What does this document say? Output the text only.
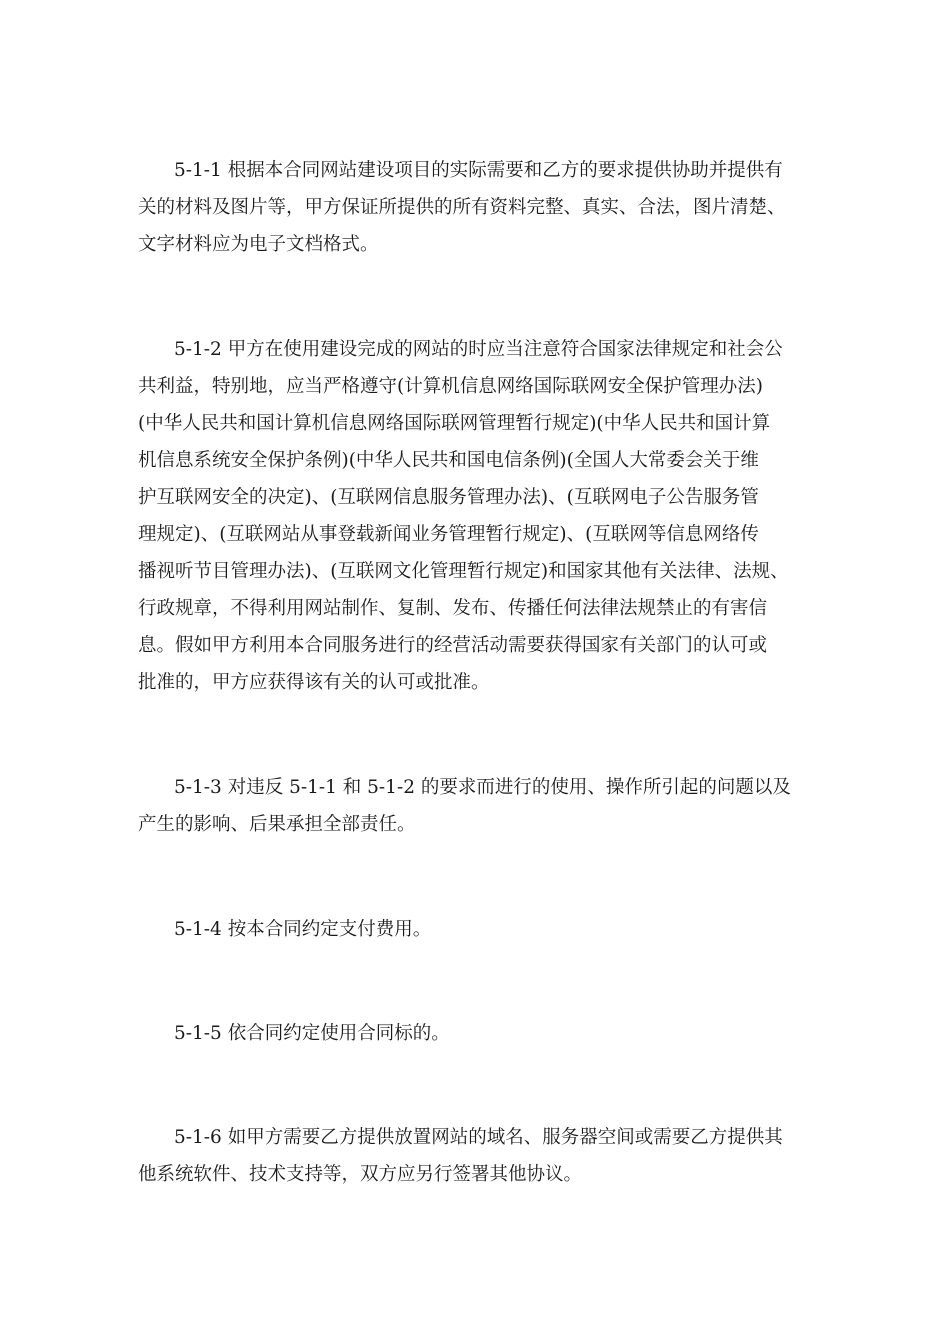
5-1-1 根据本合同网站建设项目的实际需要和乙方的要求提供协助并提供有
关的材料及图片等，甲方保证所提供的所有资料完整、真实、合法，图片清楚、
文字材料应为电子文档格式。
5-1-2 甲方在使用建设完成的网站的时应当注意符合国家法律规定和社会公
共利益，特别地，应当严格遵守(计算机信息网络国际联网安全保护管理办法)
(中华人民共和国计算机信息网络国际联网管理暂行规定)(中华人民共和国计算
机信息系统安全保护条例)(中华人民共和国电信条例)(全国人大常委会关于维
护互联网安全的决定)、(互联网信息服务管理办法)、(互联网电子公告服务管
理规定)、(互联网站从事登载新闻业务管理暂行规定)、(互联网等信息网络传
播视听节目管理办法)、(互联网文化管理暂行规定)和国家其他有关法律、法规、
行政规章，不得利用网站制作、复制、发布、传播任何法律法规禁止的有害信
息。假如甲方利用本合同服务进行的经营活动需要获得国家有关部门的认可或
批准的，甲方应获得该有关的认可或批准。
5-1-3 对违反 5-1-1 和 5-1-2 的要求而进行的使用、操作所引起的问题以及
产生的影响、后果承担全部责任。
5-1-4 按本合同约定支付费用。
5-1-5 依合同约定使用合同标的。
5-1-6 如甲方需要乙方提供放置网站的域名、服务器空间或需要乙方提供其
他系统软件、技术支持等，双方应另行签署其他协议。
